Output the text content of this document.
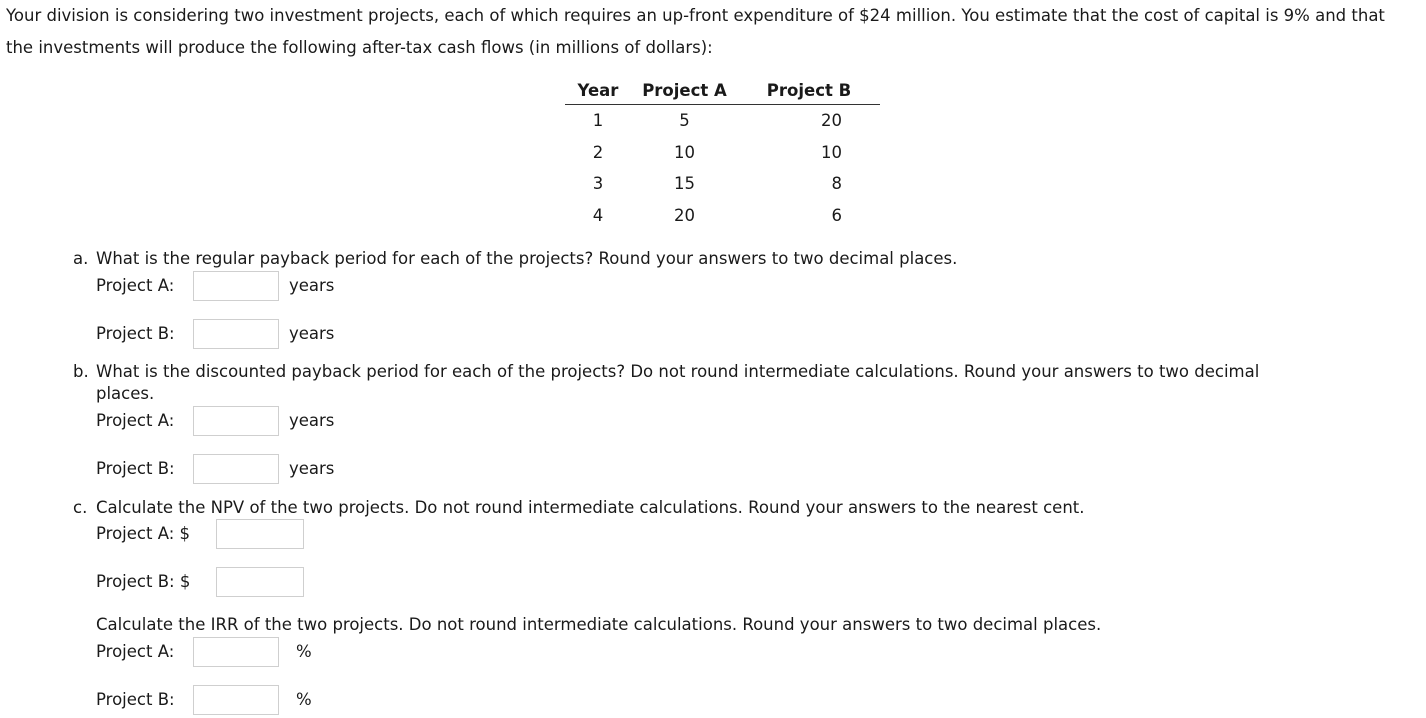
Your division is considering two investment projects, each of which requires an up-front expenditure of $24 million. You estimate that the cost of capital is 9% and that the investments will produce the following after-tax cash flows (in millions of dollars):

Year	Project A	Project B
1	5	20
2	10	10
3	15	8
4	20	6
a. What is the regular payback period for each of the projects? Round your answers to two decimal places.
Project A:	years
Project B:	years
b. What is the discounted payback period for each of the projects? Do not round intermediate calculations. Round your answers to two decimal
places.
Project A:	years
Project B:	years
c. Calculate the NPV of the two projects. Do not round intermediate calculations. Round your answers to the nearest cent.
Project A: $
Project B: $
Calculate the IRR of the two projects. Do not round intermediate calculations. Round your answers to two decimal places.
Project A:	%
Project B:	%
